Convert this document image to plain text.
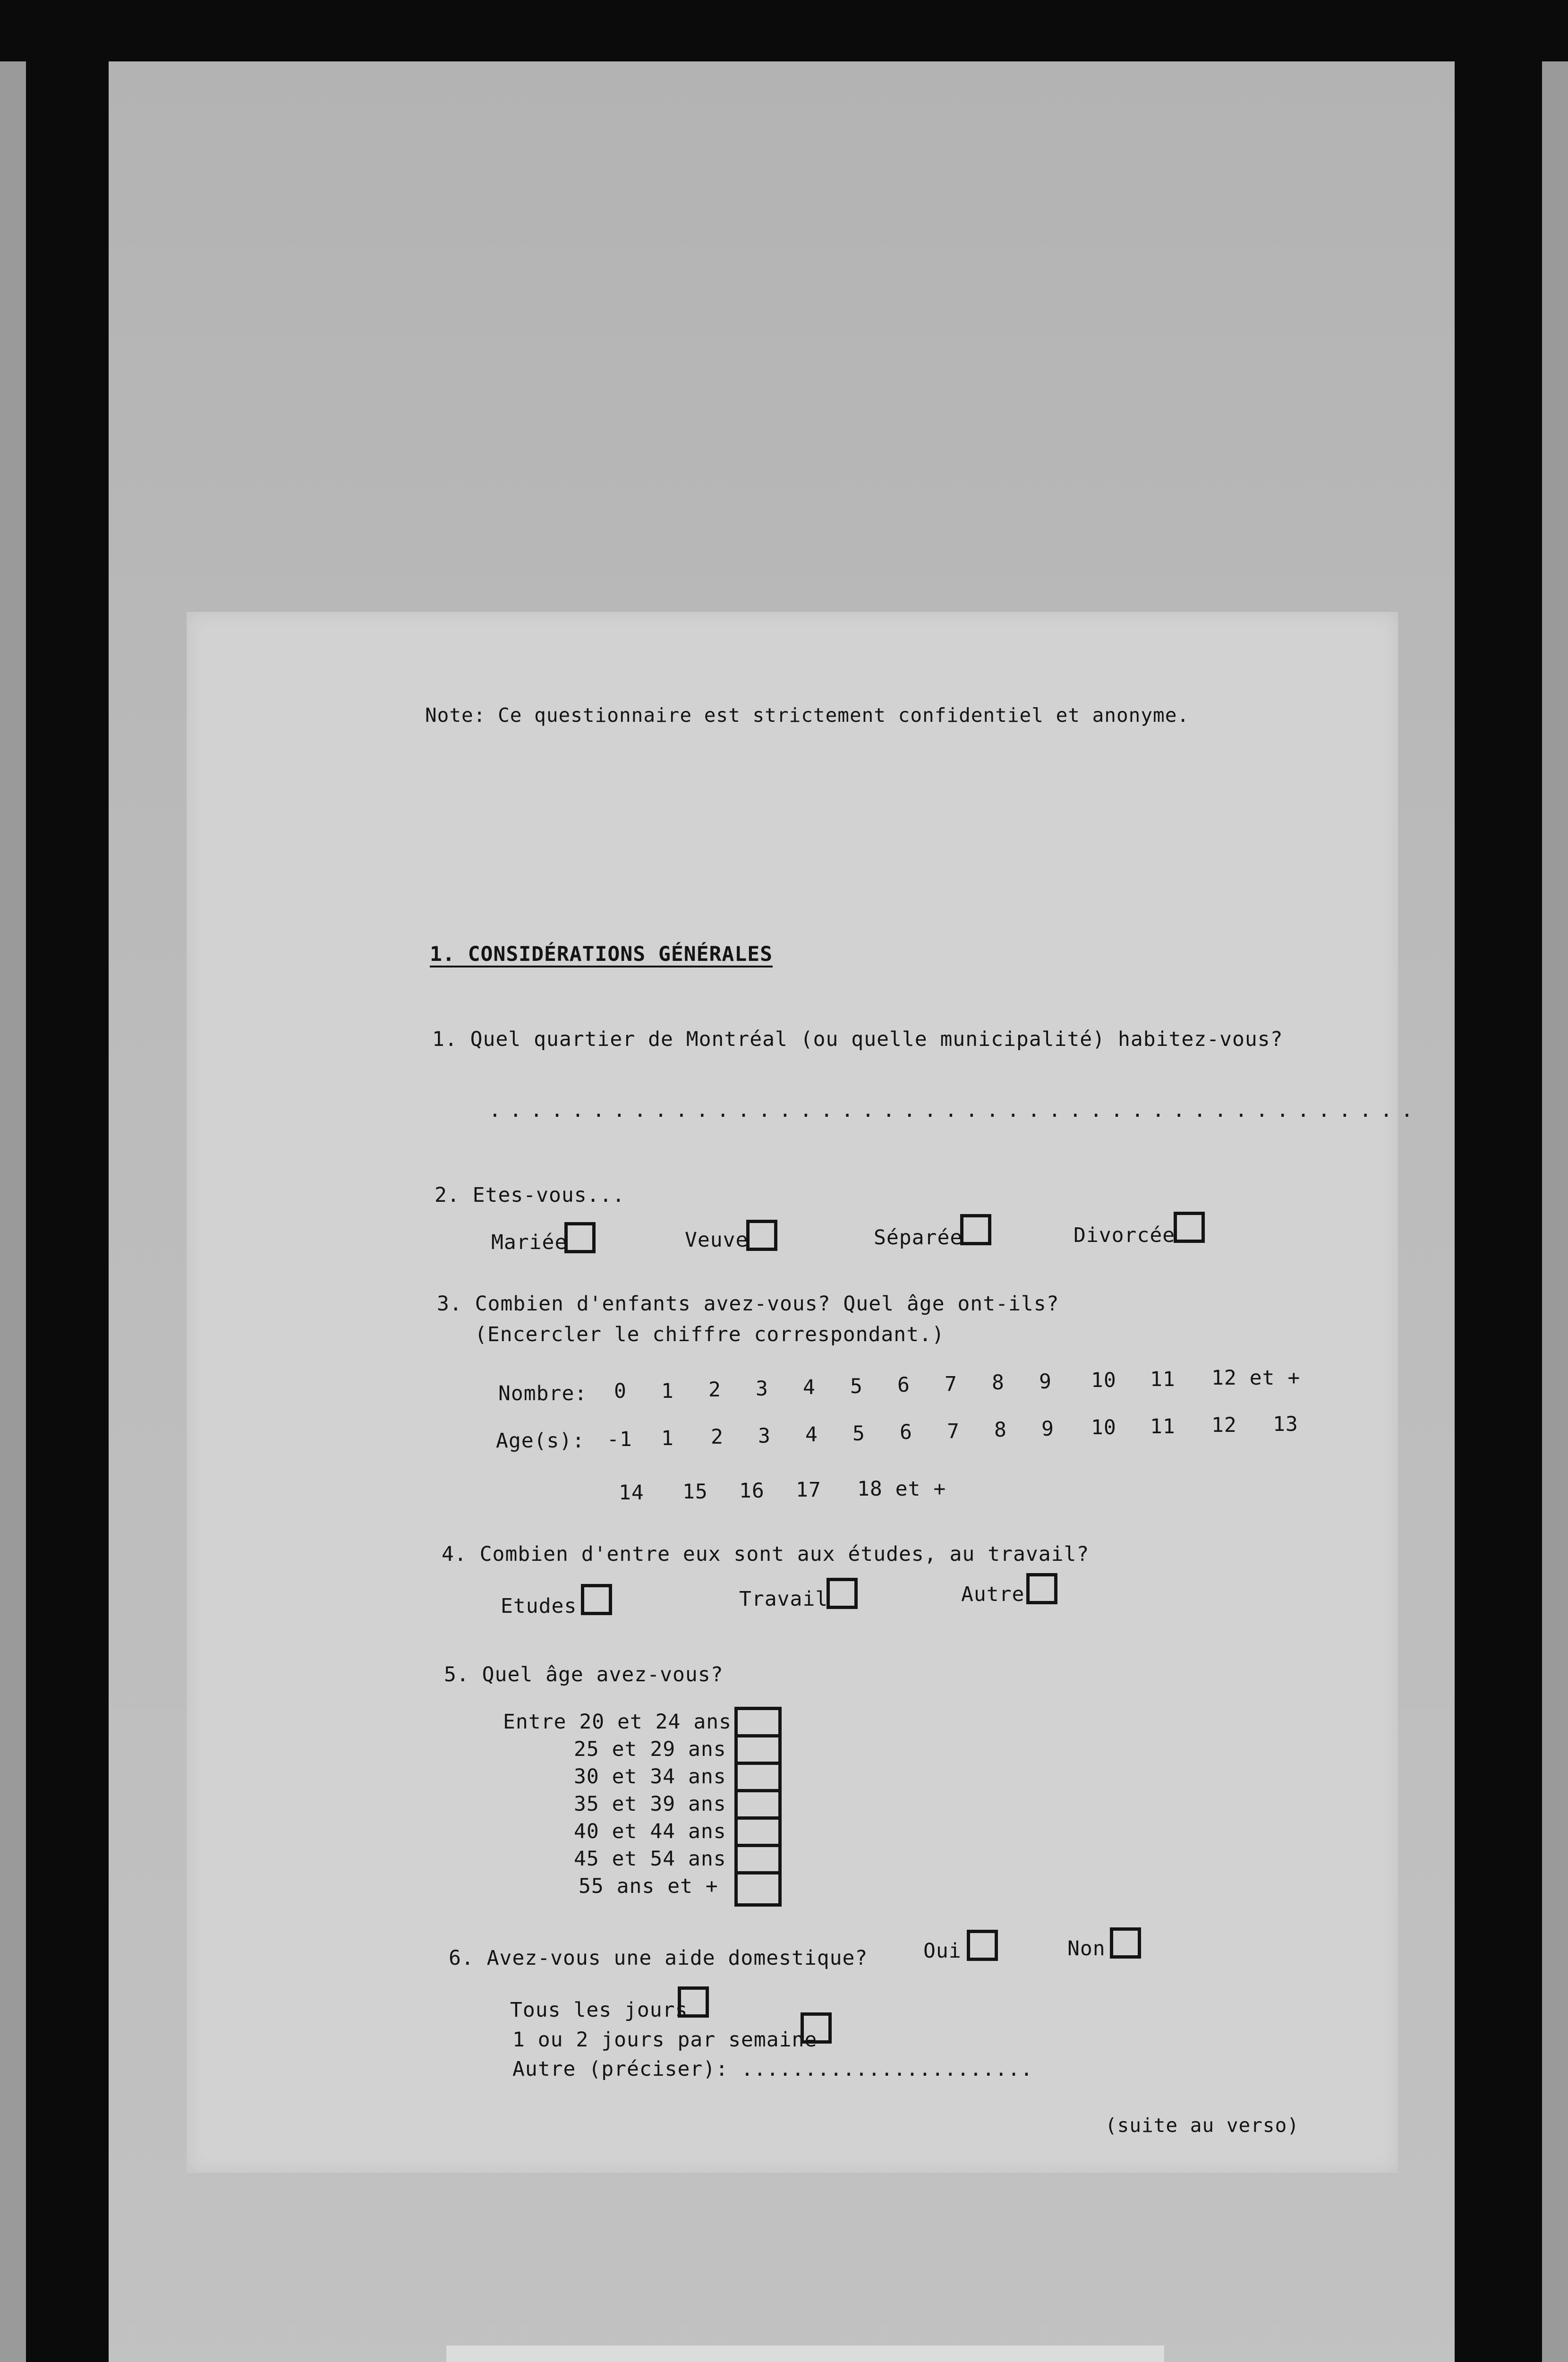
Note: Ce questionnaire est strictement confidentiel et anonyme.
1. CONSIDÉRATIONS GÉNÉRALES
1. Quel quartier de Montréal (ou quelle municipalité) habitez-vous?
.............................................
2. Etes-vous...
Mariée	Veuve	Séparée	Divorcée
3. Combien d'enfants avez-vous? Quel âge ont-ils?
(Encercler le chiffre correspondant.)
Nombre: 0 1 2 3 4 5 6 7 8 9 10 11 12 et +
Age(s): -1 1 2 3 4 5 6 7 8 9 10 11 12 13
14 15 16 17 18 et +
4. Combien d'entre eux sont aux études, au travail?
Etudes	Travail	Autre
5. Quel âge avez-vous?
Entre 20 et 24 ans
25 et 29 ans
30 et 34 ans
35 et 39 ans
40 et 44 ans
45 et 54 ans
55 ans et +
6. Avez-vous une aide domestique?	Oui	Non
Tous les jours
1 ou 2 jours par semaine
Autre (préciser): .......................
(suite au verso)
